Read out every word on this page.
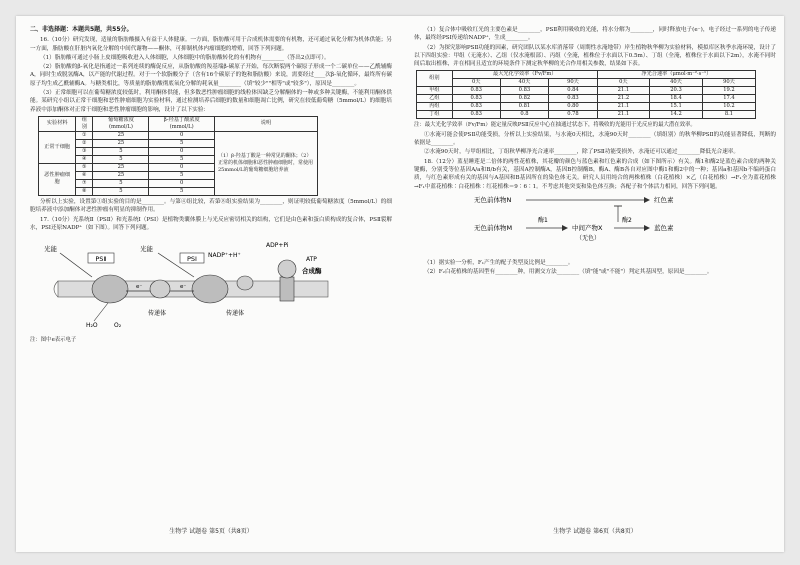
二、非选择题：本题共5题，共55分。

16.（10分）研究发现，适量的脂肪酸摄入有益于人体健康。一方面，脂肪酸可用于合成机体需要的有机物，还可通过氧化分解为机体供能；另一方面，脂肪酸在肝脏内氧化分解的中间代谢物——酮体，可抑制机体内瘤细胞的增殖，回答下列问题。

（1）脂肪酸可通过小肠上皮细胞吸收进入人体细胞，人体细胞中的脂肪酸转化的有机物有________（答出2点即可）。

（2）脂肪酸的β-氧化是指通过一系列连续的酶促反应，从脂肪酸的羧基端β-碳原子开始，每次断裂两个碳原子形成一个二碳单位——乙酰辅酶A，同时生成脱氢酶A，以产能的代谢过程。对于一个软脂酸分子（含有16个碳原子的饱和脂肪酸）来说，需要经过____次β-氧化循环，最终所有碳原子均生成乙酰辅酶A。与糖类相比，等质量的脂肪酸彻底氧化分解的耗氧量________（填"较少""相等"或"较多"），原因是________。

（3）正常细胞可以在葡萄糖浓度较低时，利用酮体供能，但多数恶性肿瘤细胞的线粒体因缺乏分解酮体的一种或多种关键酶，不能利用酮体供能。某研究小组以正常干细胞和恶性肿瘤细胞为实验材料，通过检测培养后细胞的数量和细胞凋亡比例，研究在较低葡萄糖（5mmol/L）的细胞培养液中添加酮体对正常干细胞和恶性肿瘤细胞的影响，设计了以下实验：

实验材料	组别	葡萄糖浓度(mmol/L)	β-羟基丁酸浓度(mmol/L)	说明
正常干细胞	①	25	0	（1）β-羟基丁酸是一种常见的酮体；（2）正常的机体细胞和恶性肿瘤细胞时，常使用25mmol/L的葡萄糖细胞培养液
	②	25	5	
	③	5	0	
	④	5	5	
恶性肿瘤细胞	⑤	25	0	
	⑥	25	5	
	⑦	5	0	
	⑧	5	5	

分析以上实验，设置第①组实验的目的是________。与第④组比较，若第⑧组实验结果为________，则证明较低葡萄糖浓度（5mmol/L）的细胞培养液中添加酮体对恶性肿瘤有明显的抑制作用。

17.（10分）光系统Ⅱ（PSⅡ）和光系统Ⅰ（PSⅠ）是植物类囊体膜上与光反应密切相关的结构，它们是由色素和蛋白质构成的复合体，PSⅡ裂解水，PSⅠ还原NADP⁺（如下图）。回答下列问题。

PSⅡ	PSⅠ
光能	光能
e⁻	e⁻
NADP⁺+H⁺
ADP+Pi
ATP
合成酶
传递体	传递体
H₂O	O₂

注：图中e表示电子

（1）复合体中吸收红光的主要色素是________，PSⅡ利用吸收的光能，将水分解为________，同时释放电子(e⁻)，电子经过一系列的电子传递体，最终经PSⅠ传递给NADP⁺，生成________。

（2）为探究影响PSⅡ功能的因素，研究团队以某水库消落带（周期性水淹地带）岸生植物秋华柳为实验材料，模拟库区秋季水淹环境，设计了以下四组实验：甲组（无淹水）、乙组（仅水淹根部）、丙组（全淹，植株位于水面以下0.5m）、丁组（全淹，植株位于水面以下2m），水淹不同时间后取出植株，并在相同且适宜的环境条件下测定秋华柳的光合作用相关参数，结果如下表。

组别	最大光化学效率（Fv/Fm）			净光合速率（μmol·m⁻²·s⁻¹）		
	0天	40天	90天	0天	40天	90天
甲组	0.83	0.83	0.84	21.1	20.3	19.2
乙组	0.83	0.82	0.83	21.2	18.4	17.4
丙组	0.83	0.81	0.80	21.1	15.1	10.2
丁组	0.83	0.8	0.78	21.1	14.2	8.1

注：最大光化学效率（Fv/Fm）能定量反映PSⅡ反应中心在抽通过状态下，将吸收的光能用于光反应的最大潜在效率。

①水淹可能会使PSⅡ功能受损，分析以上实验结果，与水淹0天相比，水淹90天时________（填组别）的秋华柳PSⅡ的功能显著降低，判断的依据是________。

②水淹90天时，与甲组相比，丁组秋华柳净光合速率________，除了PSⅡ功能受损外，水淹还可以通过________降低光合速率。

18.（12分）蓝星睡莲是二倍体的两性花植株，其花瓣的颜色与蓝色素和红色素的合成（如下图所示）有关。酶1和酶2是蓝色素合成的两种关键酶，分别受等位基因A/a和B/b有关，基因A控制酶A，基因B控制酶B，酶A、酶B各自对应图中酶1和酶2中的一种；基因a和基因b不编码蛋白质，与红色素形成有关的基因与A基因和B基因所在的染色体无关。研究人员用纯合的两株植株（白花植株）×乙（白花植株）→F₁全为蓝花植株→F₁中蓝花植株∶白花植株∶红花植株＝9∶6∶1。不考虑其他突变和染色体互换；各配子和个体活力相同，回答下列问题。

无色前体物N	红色素
无色前体物M
酶1
中间产物X
（无色）
酶2
蓝色素

（1）据实验一分析，F₁产生的配子类型及比例是________。

（2）F₂白花植株的基因型有________种，用测交方法________（填"能"或"不能"）判定其基因型，原因是________。

生物学 试题卷 第5页（共8页）	生物学 试题卷 第6页（共8页）
